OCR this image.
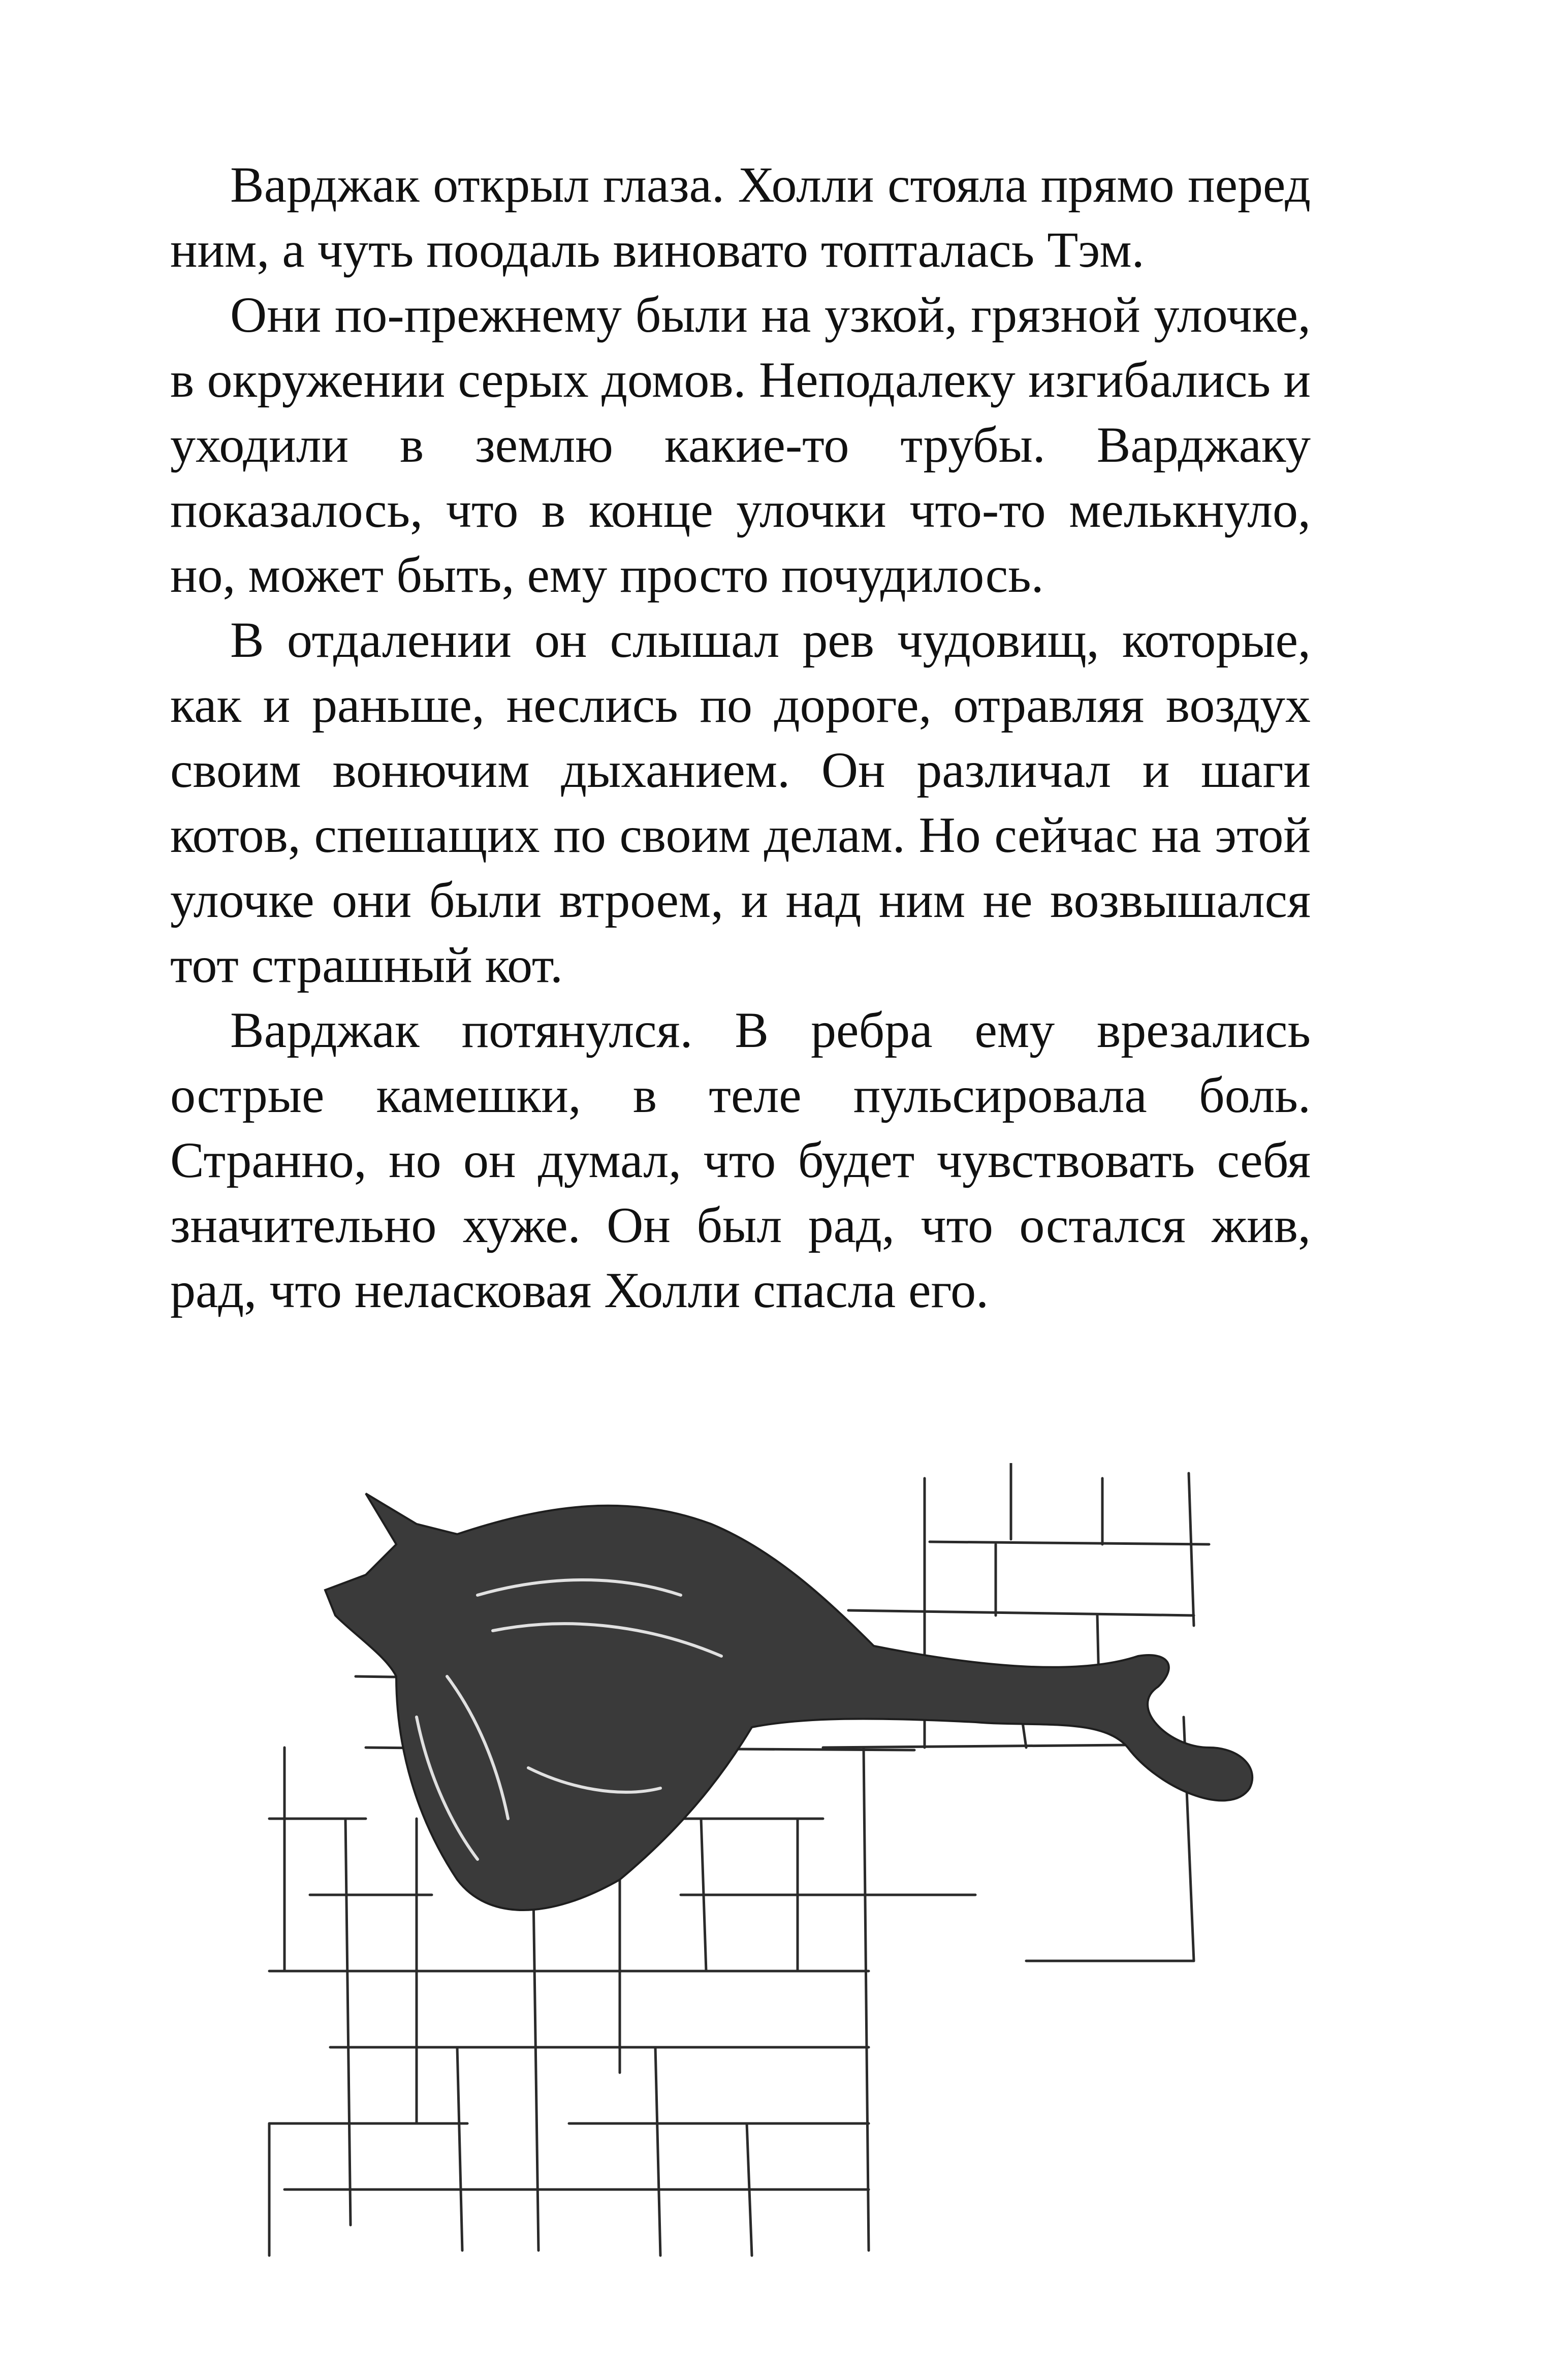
Варджак открыл глаза. Холли стояла прямо перед ним, а чуть поодаль виновато топталась Тэм.

Они по-прежнему были на узкой, грязной улочке, в окружении серых домов. Неподалеку изгибались и уходили в землю какие-то трубы. Варджаку показалось, что в конце улочки что-то мелькнуло, но, может быть, ему просто почудилось.

В отдалении он слышал рев чудовищ, которые, как и раньше, неслись по дороге, отравляя воздух своим вонючим дыханием. Он различал и шаги котов, спешащих по своим делам. Но сейчас на этой улочке они были втроем, и над ним не возвышался тот страшный кот.

Варджак потянулся. В ребра ему врезались острые камешки, в теле пульсировала боль. Странно, но он думал, что будет чувствовать себя значительно хуже. Он был рад, что остался жив, рад, что неласковая Холли спасла его.
